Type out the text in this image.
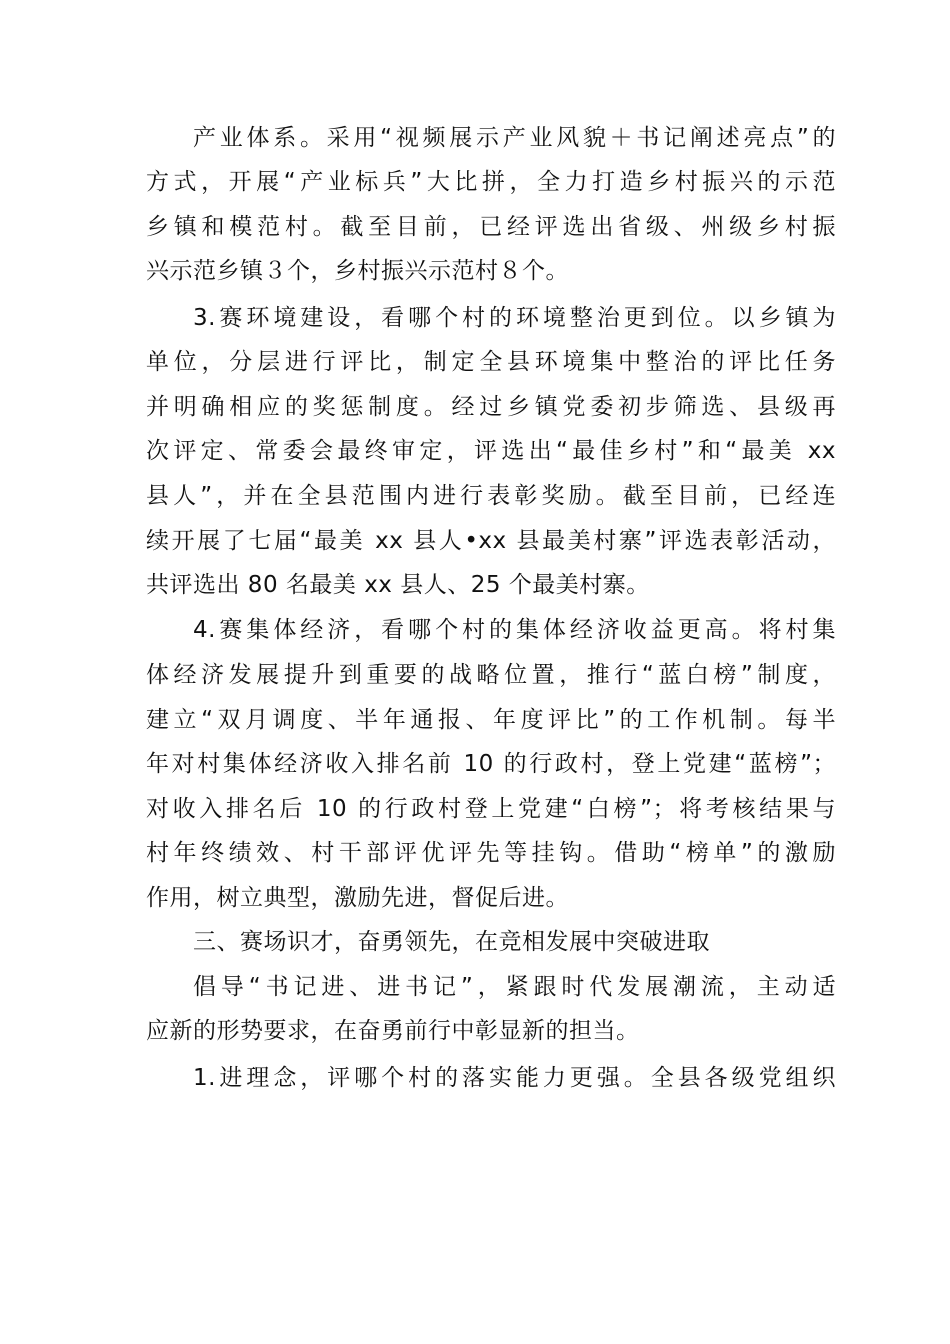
产业体系。采用“视频展示产业风貌＋书记阐述亮点”的
方式，开展“产业标兵”大比拼，全力打造乡村振兴的示范
乡镇和模范村。截至目前，已经评选出省级、州级乡村振
兴示范乡镇３个，乡村振兴示范村８个。
3.赛环境建设，看哪个村的环境整治更到位。以乡镇为
单位，分层进行评比，制定全县环境集中整治的评比任务
并明确相应的奖惩制度。经过乡镇党委初步筛选、县级再
次评定、常委会最终审定，评选出“最佳乡村”和“最美 xx
县人”，并在全县范围内进行表彰奖励。截至目前，已经连
续开展了七届“最美 xx 县人•xx 县最美村寨”评选表彰活动，
共评选出 80 名最美 xx 县人、25 个最美村寨。
4.赛集体经济，看哪个村的集体经济收益更高。将村集
体经济发展提升到重要的战略位置，推行“蓝白榜”制度，
建立“双月调度、半年通报、年度评比”的工作机制。每半
年对村集体经济收入排名前 10 的行政村，登上党建“蓝榜”；
对收入排名后 10 的行政村登上党建“白榜”；将考核结果与
村年终绩效、村干部评优评先等挂钩。借助“榜单”的激励
作用，树立典型，激励先进，督促后进。
三、赛场识才，奋勇领先，在竞相发展中突破进取
倡导“书记进、进书记”，紧跟时代发展潮流，主动适
应新的形势要求，在奋勇前行中彰显新的担当。
1.进理念，评哪个村的落实能力更强。全县各级党组织
